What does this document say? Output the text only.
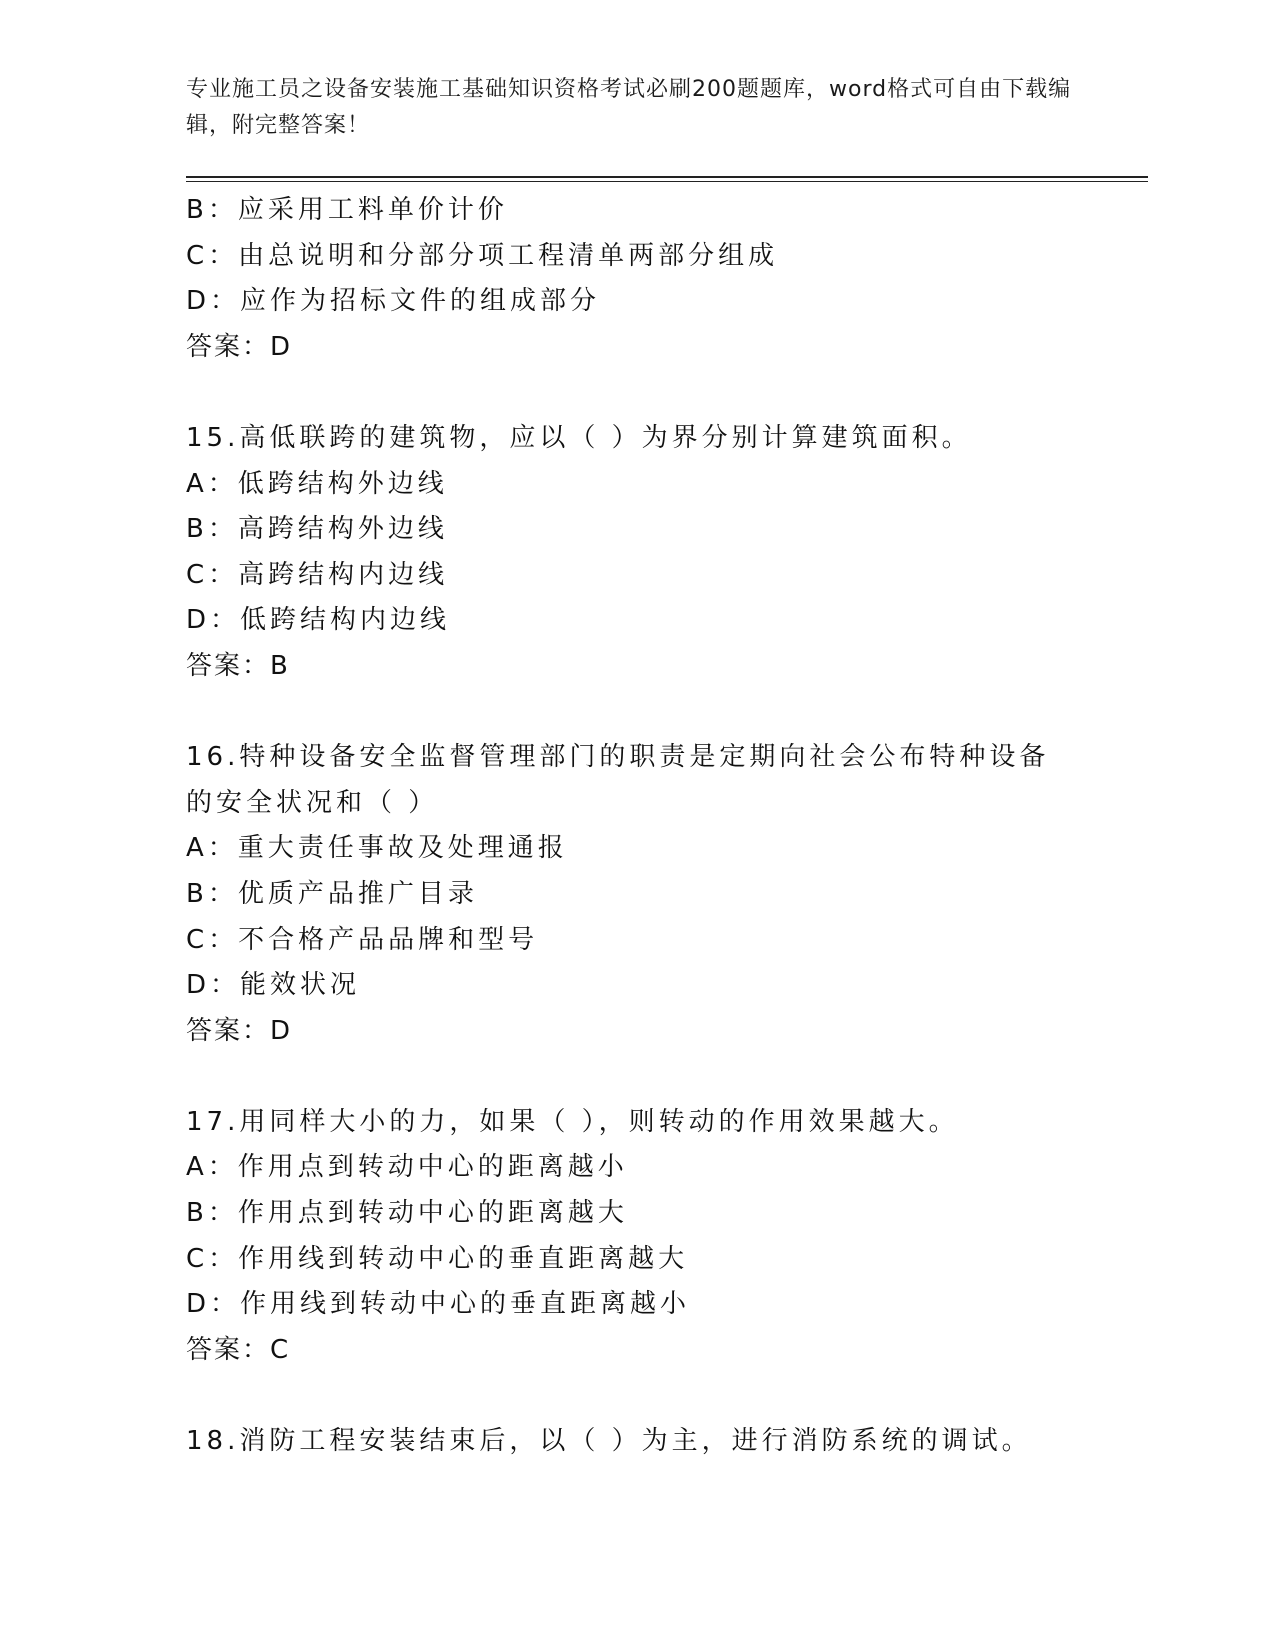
专业施工员之设备安装施工基础知识资格考试必刷200题题库，word格式可自由下载编辑，附完整答案！
B：应采用工料单价计价
C：由总说明和分部分项工程清单两部分组成
D：应作为招标文件的组成部分
答案：D
15.高低联跨的建筑物，应以（ ）为界分别计算建筑面积。
A：低跨结构外边线
B：高跨结构外边线
C：高跨结构内边线
D：低跨结构内边线
答案：B
16.特种设备安全监督管理部门的职责是定期向社会公布特种设备的安全状况和（ ）
A：重大责任事故及处理通报
B：优质产品推广目录
C：不合格产品品牌和型号
D：能效状况
答案：D
17.用同样大小的力，如果（ ），则转动的作用效果越大。
A：作用点到转动中心的距离越小
B：作用点到转动中心的距离越大
C：作用线到转动中心的垂直距离越大
D：作用线到转动中心的垂直距离越小
答案：C
18.消防工程安装结束后，以（ ）为主，进行消防系统的调试。
